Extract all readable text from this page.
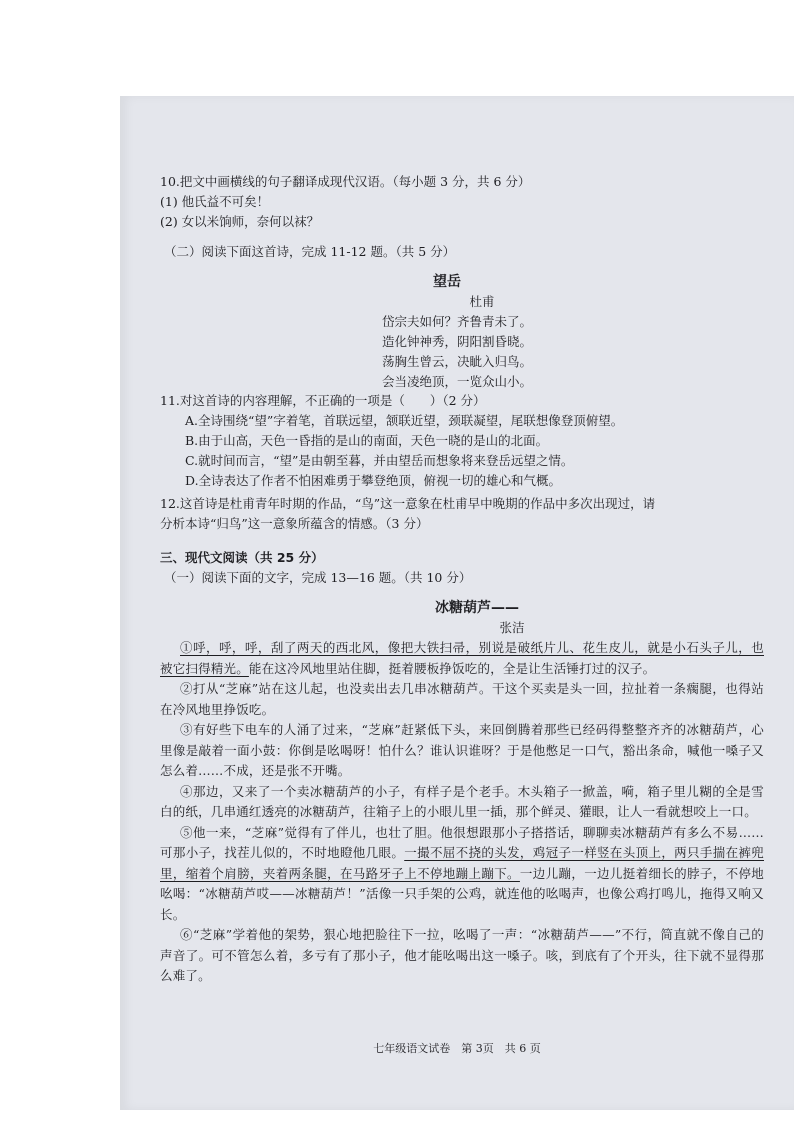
10.把文中画横线的句子翻译成现代汉语。（每小题 3 分，共 6 分）
(1) 他氏益不可矣！
(2) 女以米饷师，奈何以袜？
（二）阅读下面这首诗，完成 11-12 题。（共 5 分）
望岳
杜甫
岱宗夫如何？齐鲁青未了。
造化钟神秀，阴阳割昏晓。
荡胸生曾云，决眦入归鸟。
会当凌绝顶，一览众山小。
11.对这首诗的内容理解，不正确的一项是（　　）（2 分）
A.全诗围绕“望”字着笔，首联远望，颔联近望，颈联凝望，尾联想像登顶俯望。
B.由于山高，天色一昏指的是山的南面，天色一晓的是山的北面。
C.就时间而言，“望”是由朝至暮，并由望岳而想象将来登岳远望之情。
D.全诗表达了作者不怕困难勇于攀登绝顶，俯视一切的雄心和气概。
12.这首诗是杜甫青年时期的作品，“鸟”这一意象在杜甫早中晚期的作品中多次出现过，请
分析本诗“归鸟”这一意象所蕴含的情感。（3 分）
三、现代文阅读（共 25 分）
（一）阅读下面的文字，完成 13—16 题。（共 10 分）
冰糖葫芦——
张洁
①呼，呼，呼，刮了两天的西北风，像把大铁扫帚，别说是破纸片儿、花生皮儿，就是小石头子儿，也被它扫得精光。能在这冷风地里站住脚，挺着腰板挣饭吃的，全是让生活锤打过的汉子。
②打从“芝麻”站在这儿起，也没卖出去几串冰糖葫芦。干这个买卖是头一回，拉扯着一条瘸腿，也得站在冷风地里挣饭吃。
③有好些下电车的人涌了过来，“芝麻”赶紧低下头，来回倒腾着那些已经码得整整齐齐的冰糖葫芦，心里像是敲着一面小鼓：你倒是吆喝呀！怕什么？谁认识谁呀？于是他憋足一口气，豁出条命，喊他一嗓子又怎么着……不成，还是张不开嘴。
④那边，又来了一个卖冰糖葫芦的小子，有样子是个老手。木头箱子一掀盖，嗬，箱子里儿糊的全是雪白的纸，几串通红透亮的冰糖葫芦，往箱子上的小眼儿里一插，那个鲜灵、獾眼，让人一看就想咬上一口。
⑤他一来，“芝麻”觉得有了伴儿，也壮了胆。他很想跟那小子搭搭话，聊聊卖冰糖葫芦有多么不易……可那小子，找茬儿似的，不时地瞪他几眼。一撮不屈不挠的头发，鸡冠子一样竖在头顶上，两只手揣在裤兜里，缩着个肩膀，夹着两条腿，在马路牙子上不停地蹦上蹦下。一边儿蹦，一边儿挺着细长的脖子，不停地吆喝：“冰糖葫芦哎——冰糖葫芦！”活像一只手架的公鸡，就连他的吆喝声，也像公鸡打鸣儿，拖得又响又长。
⑥“芝麻”学着他的架势，狠心地把脸往下一拉，吆喝了一声：“冰糖葫芦——”不行，简直就不像自己的声音了。可不管怎么着，多亏有了那小子，他才能吆喝出这一嗓子。咳，到底有了个开头，往下就不显得那么难了。
七年级语文试卷　第 3页　共 6 页
